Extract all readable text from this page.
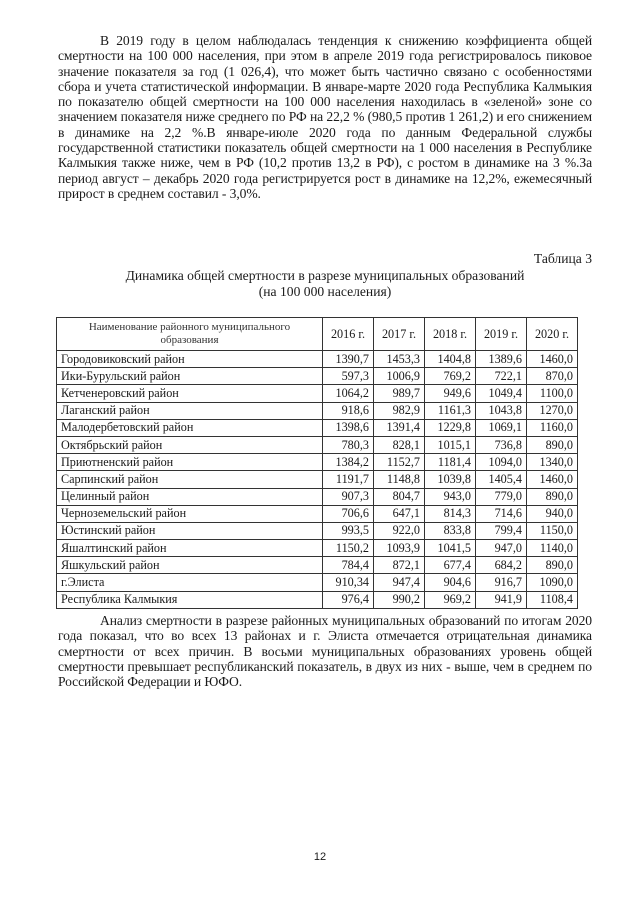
В 2019 году в целом наблюдалась тенденция к снижению коэффициента общей смертности на 100 000 населения, при этом в апреле 2019 года регистрировалось пиковое значение показателя за год (1 026,4), что может быть частично связано с особенностями сбора и учета статистической информации. В январе-марте 2020 года Республика Калмыкия по показателю общей смертности на 100 000 населения находилась в «зеленой» зоне со значением показателя ниже среднего по РФ на 22,2 % (980,5 против 1 261,2) и его снижением в динамике на 2,2 %.В январе-июле 2020 года по данным Федеральной службы государственной статистики показатель общей смертности на 1 000 населения в Республике Калмыкия также ниже, чем в РФ (10,2 против 13,2 в РФ), с ростом в динамике на 3 %.За период август – декабрь 2020 года регистрируется рост в динамике на 12,2%, ежемесячный прирост в среднем составил - 3,0%.

Таблица 3

Динамика общей смертности в разрезе муниципальных образований
(на 100 000 населения)
Наименование районного муниципального образования	2016 г.	2017 г.	2018 г.	2019 г.	2020 г.
Городовиковский район	1390,7	1453,3	1404,8	1389,6	1460,0
Ики-Бурульский район	597,3	1006,9	769,2	722,1	870,0
Кетченеровский район	1064,2	989,7	949,6	1049,4	1100,0
Лаганский район	918,6	982,9	1161,3	1043,8	1270,0
Малодербетовский район	1398,6	1391,4	1229,8	1069,1	1160,0
Октябрьский район	780,3	828,1	1015,1	736,8	890,0
Приютненский район	1384,2	1152,7	1181,4	1094,0	1340,0
Сарпинский район	1191,7	1148,8	1039,8	1405,4	1460,0
Целинный район	907,3	804,7	943,0	779,0	890,0
Черноземельский район	706,6	647,1	814,3	714,6	940,0
Юстинский район	993,5	922,0	833,8	799,4	1150,0
Яшалтинский район	1150,2	1093,9	1041,5	947,0	1140,0
Яшкульский район	784,4	872,1	677,4	684,2	890,0
г.Элиста	910,34	947,4	904,6	916,7	1090,0
Республика Калмыкия	976,4	990,2	969,2	941,9	1108,4

Анализ смертности в разрезе районных муниципальных образований по итогам 2020 года показал, что во всех 13 районах и г. Элиста отмечается отрицательная динамика смертности от всех причин. В восьми муниципальных образованиях уровень общей смертности превышает республиканский показатель, в двух из них - выше, чем в среднем по Российской Федерации и ЮФО.

12
